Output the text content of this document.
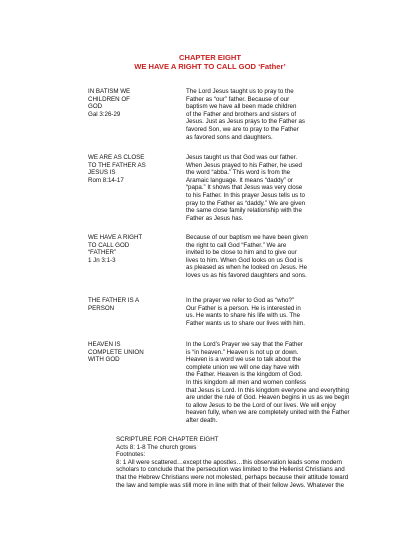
CHAPTER EIGHT
WE HAVE A RIGHT TO CALL GOD ‘Father’
IN BATISM WE
CHILDREN OF
GOD
Gal 3:26-29
The Lord Jesus taught us to pray to the
Father as “our” father. Because of our
baptism we have all been made children
of the Father and brothers and sisters of
Jesus. Just as Jesus prays to the Father as
favored Son, we are to pray to the Father
as favored sons and daughters.
WE ARE AS CLOSE
TO THE FATHER AS
JESUS IS
Rom 8:14-17
Jesus taught us that God was our father.
When Jesus prayed to his Father, he used
the word “abba.” This word is from the
Aramaic language. It means “daddy” or
“papa.” It shows that Jesus was very close
to his Father. In this prayer Jesus tells us to
pray to the Father as “daddy.” We are given
the same close family relationship with the
Father as Jesus has.
WE HAVE A RIGHT
TO CALL GOD
“FATHER”
1 Jn 3:1-3
Because of our baptism we have been given
the right to call God “Father.” We are
invited to be close to him and to give our
lives to him. When God looks on us God is
as pleased as when he looked on Jesus. He
loves us as his favored daughters and sons.
THE FATHER IS A
PERSON
In the prayer we refer to God as “who?”
Our Father is a person. He is interested in
us. He wants to share his life with us. The
Father wants us to share our lives with him.
HEAVEN IS
COMPLETE UNION
WITH GOD
In the Lord’s Prayer we say that the Father
is “in heaven.” Heaven is not up or down.
Heaven is a word we use to talk about the
complete union we will one day have with
the Father. Heaven is the kingdom of God.
In this kingdom all men and women confess
that Jesus is Lord. In this kingdom everyone and everything
are under the rule of God. Heaven begins in us as we begin
to allow Jesus to be the Lord of our lives. We will enjoy
heaven fully, when we are completely united with the Father
after death.
SCRIPTURE FOR CHAPTER EIGHT
Acts 8: 1-8 The church grows
Footnotes:
8: 1 All were scattered…except the apostles…this observation leads some modern
scholars to conclude that the persecution was limited to the Hellenist Christians and
that the Hebrew Christians were not molested, perhaps because their attitude toward
the law and temple was still more in line with that of their fellow Jews. Whatever the
